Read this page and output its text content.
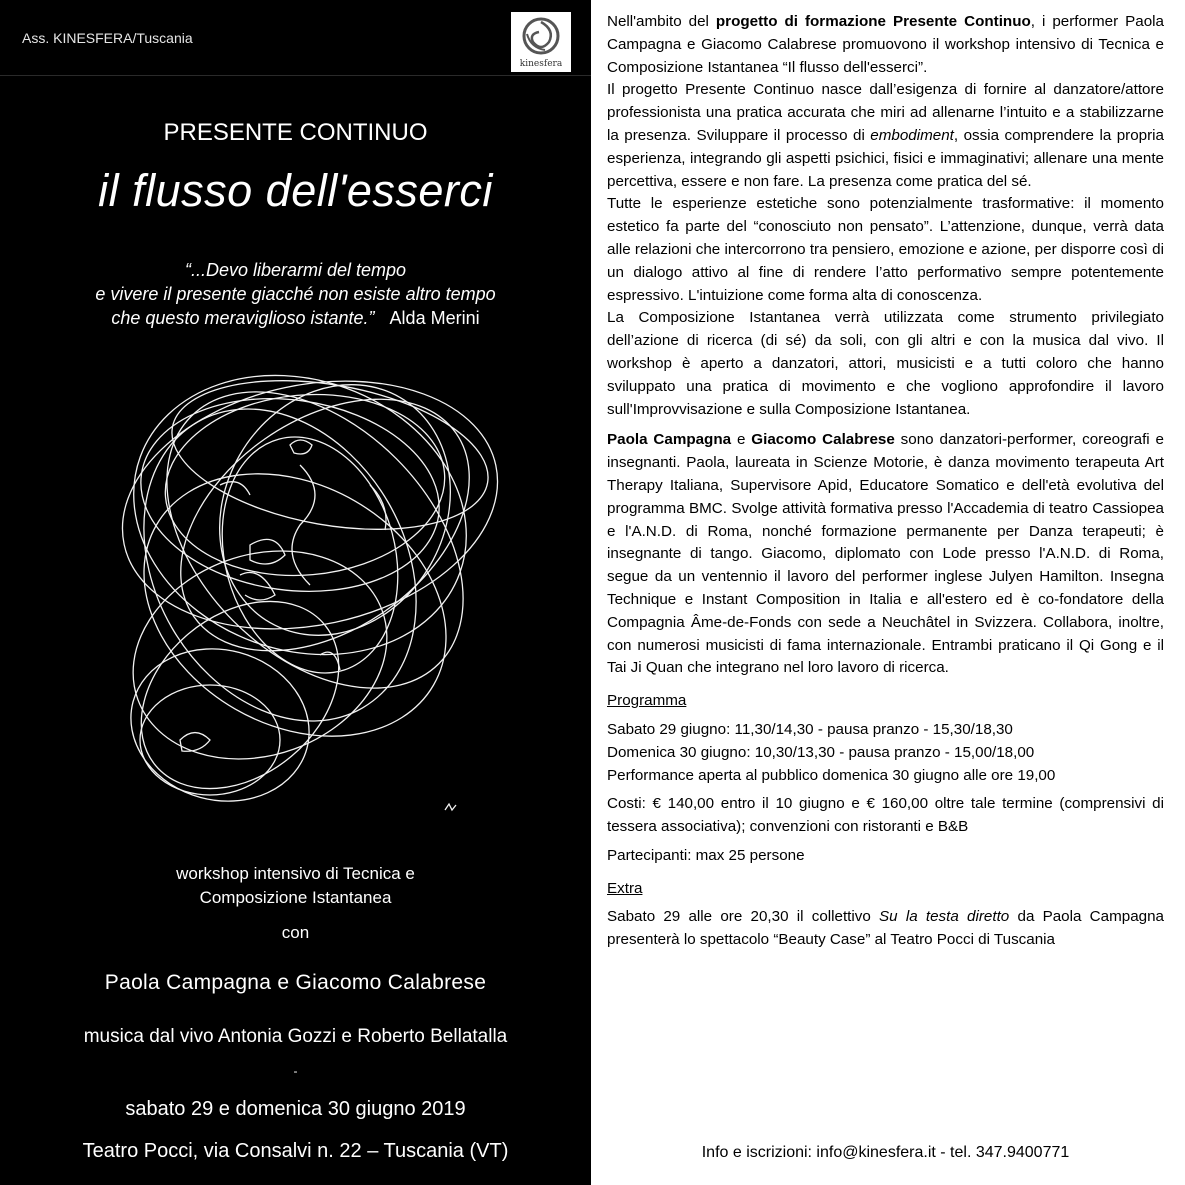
Ass. KINESFERA/Tuscania
kinesfera
PRESENTE CONTINUO
il flusso dell'esserci
“...Devo liberarmi del tempo
e vivere il presente giacché non esiste altro tempo
che questo meraviglioso istante.” Alda Merini
workshop intensivo di Tecnica e
Composizione Istantanea
con
Paola Campagna e Giacomo Calabrese
musica dal vivo Antonia Gozzi e Roberto Bellatalla
-
sabato 29 e domenica 30 giugno 2019
Teatro Pocci, via Consalvi n. 22 – Tuscania (VT)

Nell'ambito del progetto di formazione Presente Continuo, i performer Paola Campagna e Giacomo Calabrese promuovono il workshop intensivo di Tecnica e Composizione Istantanea “Il flusso dell'esserci”.

Il progetto Presente Continuo nasce dall’esigenza di fornire al danzatore/attore professionista una pratica accurata che miri ad allenarne l’intuito e a stabilizzarne la presenza. Sviluppare il processo di embodiment, ossia comprendere la propria esperienza, integrando gli aspetti psichici, fisici e immaginativi; allenare una mente percettiva, essere e non fare. La presenza come pratica del sé.

Tutte le esperienze estetiche sono potenzialmente trasformative: il momento estetico fa parte del “conosciuto non pensato”. L’attenzione, dunque, verrà data alle relazioni che intercorrono tra pensiero, emozione e azione, per disporre così di un dialogo attivo al fine di rendere l’atto performativo sempre potentemente espressivo. L'intuizione come forma alta di conoscenza.

La Composizione Istantanea verrà utilizzata come strumento privilegiato dell’azione di ricerca (di sé) da soli, con gli altri e con la musica dal vivo. Il workshop è aperto a danzatori, attori, musicisti e a tutti coloro che hanno sviluppato una pratica di movimento e che vogliono approfondire il lavoro sull'Improvvisazione e sulla Composizione Istantanea.

Paola Campagna e Giacomo Calabrese sono danzatori-performer, coreografi e insegnanti. Paola, laureata in Scienze Motorie, è danza movimento terapeuta Art Therapy Italiana, Supervisore Apid, Educatore Somatico e dell'età evolutiva del programma BMC. Svolge attività formativa presso l'Accademia di teatro Cassiopea e l'A.N.D. di Roma, nonché formazione permanente per Danza terapeuti; è insegnante di tango. Giacomo, diplomato con Lode presso l'A.N.D. di Roma, segue da un ventennio il lavoro del performer inglese Julyen Hamilton. Insegna Technique e Instant Composition in Italia e all'estero ed è co-fondatore della Compagnia Âme-de-Fonds con sede a Neuchâtel in Svizzera. Collabora, inoltre, con numerosi musicisti di fama internazionale. Entrambi praticano il Qi Gong e il Tai Ji Quan che integrano nel loro lavoro di ricerca.

Programma

Sabato 29 giugno: 11,30/14,30 - pausa pranzo - 15,30/18,30

Domenica 30 giugno: 10,30/13,30 - pausa pranzo - 15,00/18,00

Performance aperta al pubblico domenica 30 giugno alle ore 19,00

Costi: € 140,00 entro il 10 giugno e € 160,00 oltre tale termine (comprensivi di tessera associativa); convenzioni con ristoranti e B&B

Partecipanti: max 25 persone

Extra

Sabato 29 alle ore 20,30 il collettivo Su la testa diretto da Paola Campagna presenterà lo spettacolo “Beauty Case” al Teatro Pocci di Tuscania

Info e iscrizioni: info@kinesfera.it - tel. 347.9400771
